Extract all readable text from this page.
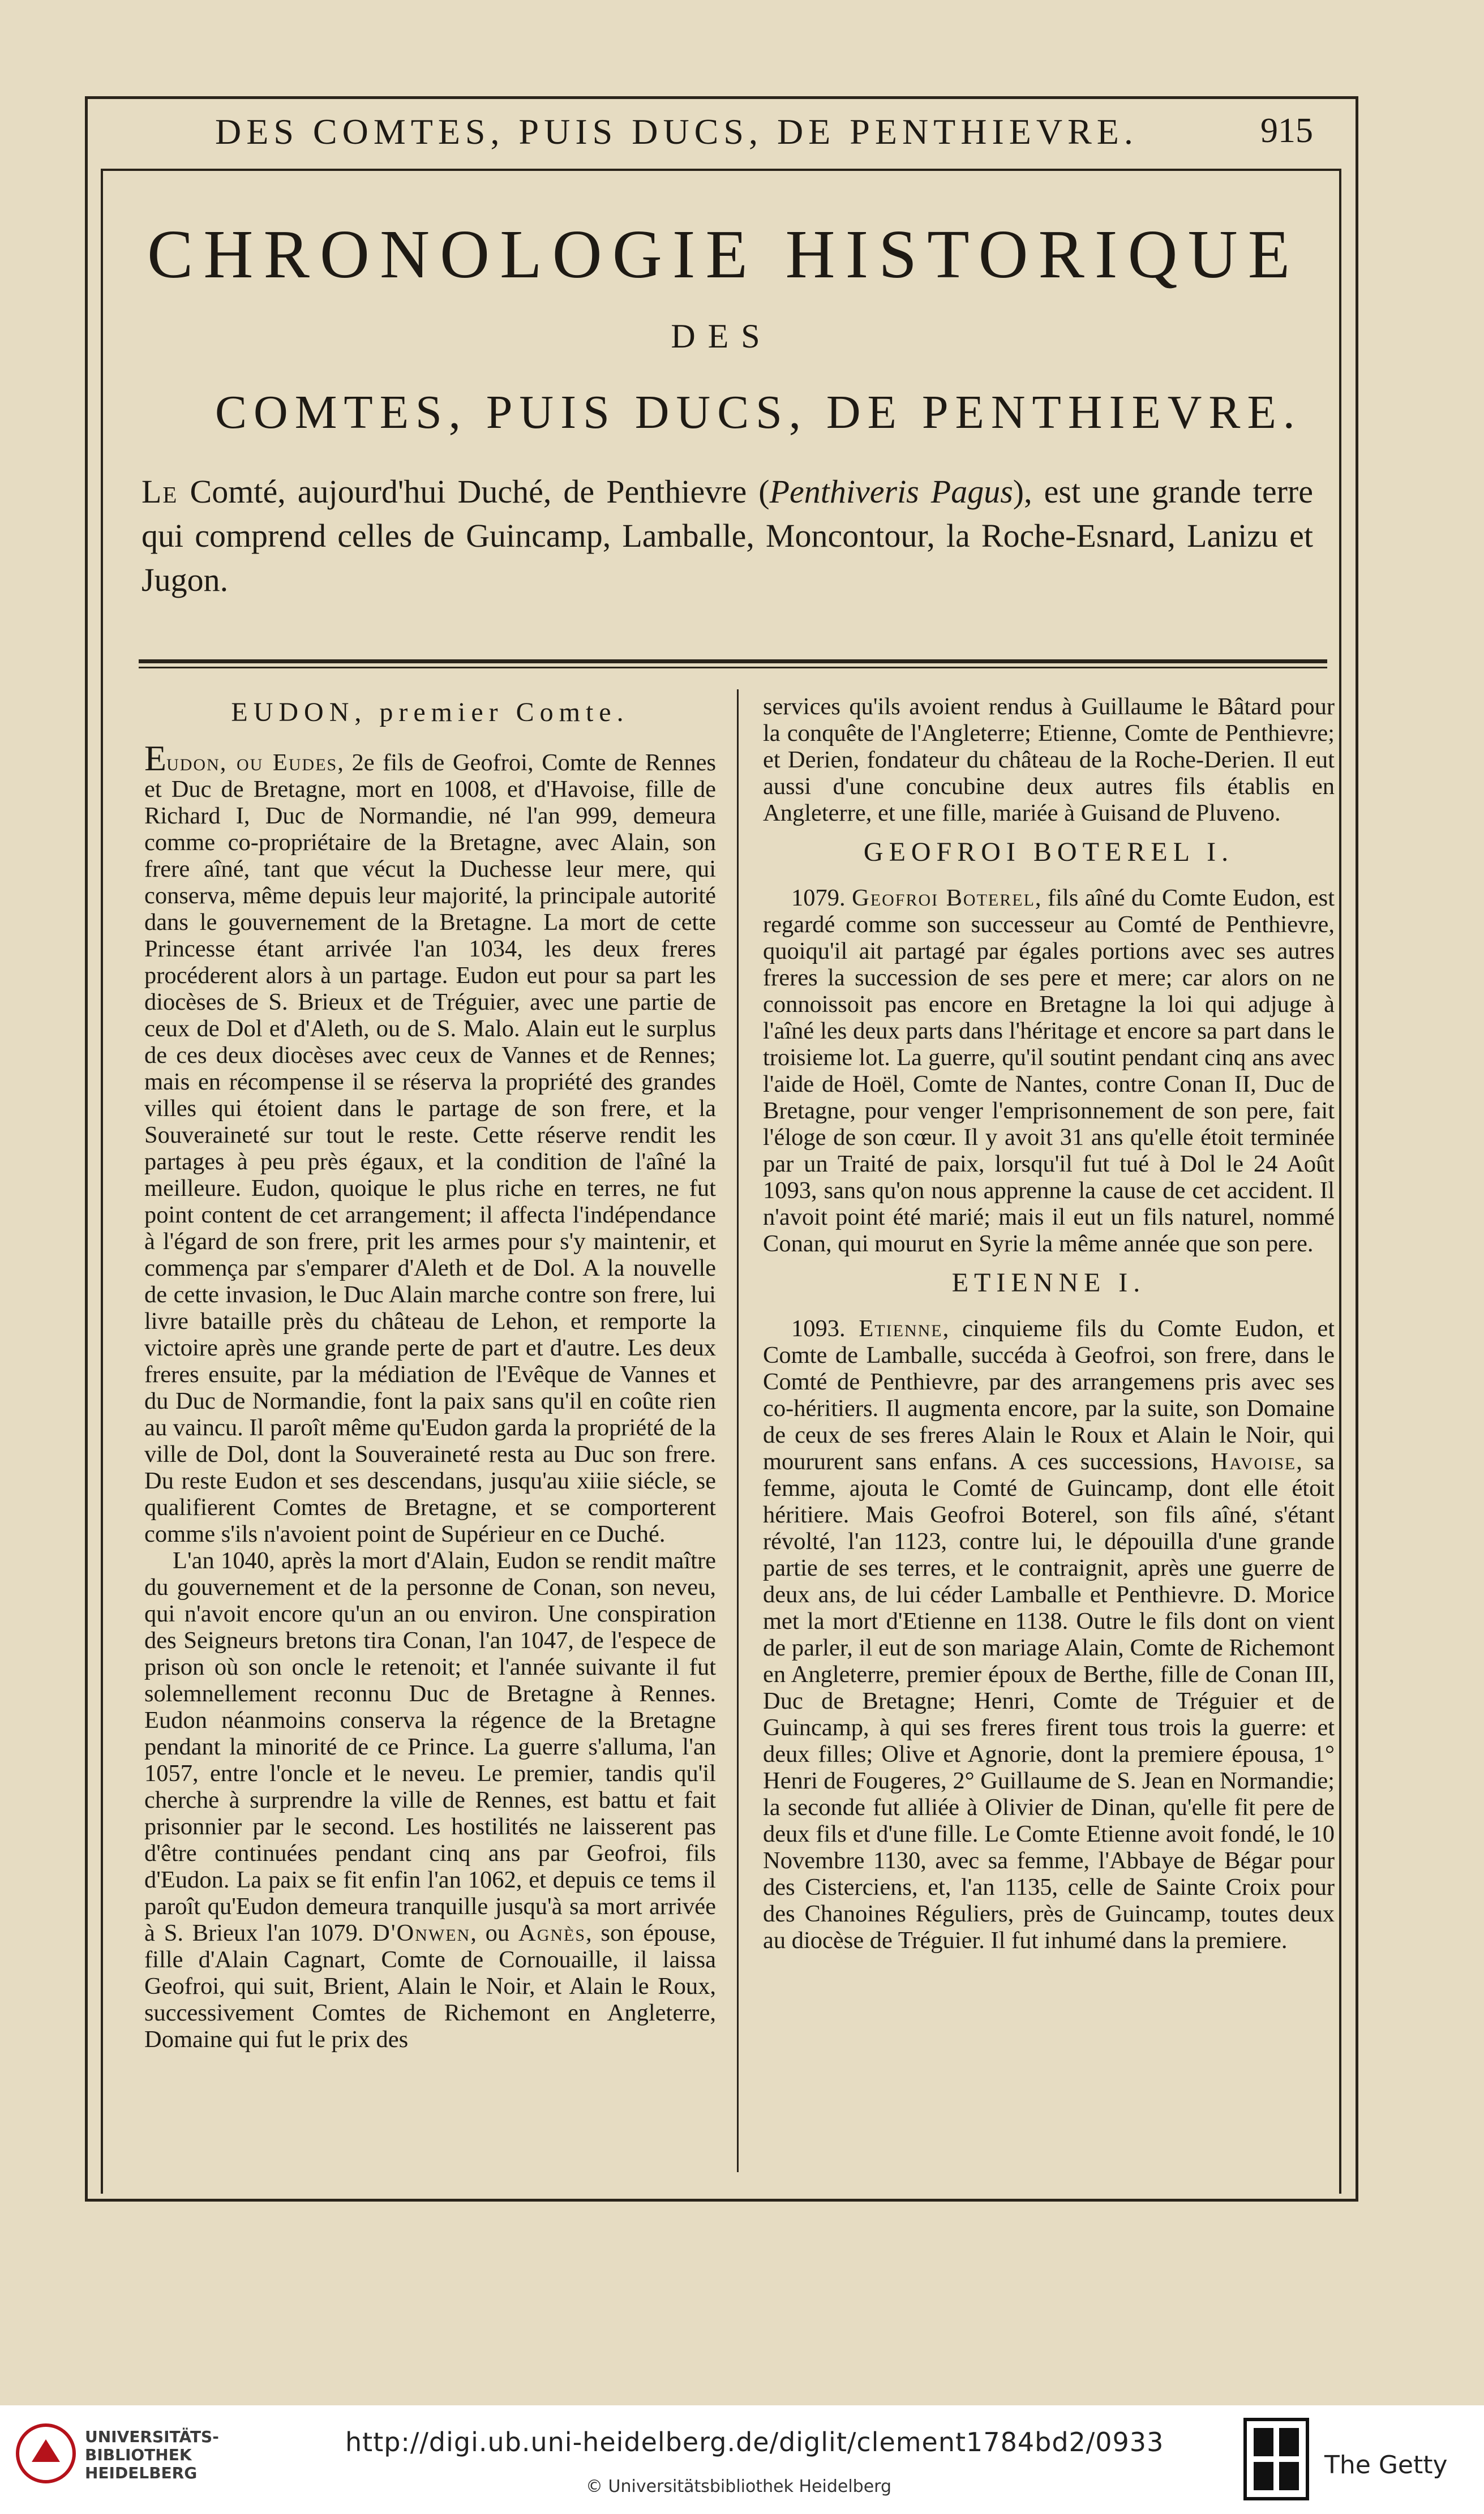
DES COMTES, PUIS DUCS, DE PENTHIEVRE.	915
CHRONOLOGIE HISTORIQUE
DES
COMTES, PUIS DUCS, DE PENTHIEVRE.
Le Comté, aujourd'hui Duché, de Penthievre (Penthiveris Pagus), est une grande terre qui comprend celles de Guincamp, Lamballe, Moncontour, la Roche-Esnard, Lanizu et Jugon.
EUDON, premier Comte.

Eudon, ou Eudes, 2e fils de Geofroi, Comte de Rennes et Duc de Bretagne, mort en 1008, et d'Havoise, fille de Richard I, Duc de Normandie, né l'an 999, demeura comme co-propriétaire de la Bretagne, avec Alain, son frere aîné, tant que vécut la Duchesse leur mere, qui conserva, même depuis leur majorité, la principale autorité dans le gouvernement de la Bretagne. La mort de cette Princesse étant arrivée l'an 1034, les deux freres procéderent alors à un partage. Eudon eut pour sa part les diocèses de S. Brieux et de Tréguier, avec une partie de ceux de Dol et d'Aleth, ou de S. Malo. Alain eut le surplus de ces deux diocèses avec ceux de Vannes et de Rennes; mais en récompense il se réserva la propriété des grandes villes qui étoient dans le partage de son frere, et la Souveraineté sur tout le reste. Cette réserve rendit les partages à peu près égaux, et la condition de l'aîné la meilleure. Eudon, quoique le plus riche en terres, ne fut point content de cet arrangement; il affecta l'indépendance à l'égard de son frere, prit les armes pour s'y maintenir, et commença par s'emparer d'Aleth et de Dol. A la nouvelle de cette invasion, le Duc Alain marche contre son frere, lui livre bataille près du château de Lehon, et remporte la victoire après une grande perte de part et d'autre. Les deux freres ensuite, par la médiation de l'Evêque de Vannes et du Duc de Normandie, font la paix sans qu'il en coûte rien au vaincu. Il paroît même qu'Eudon garda la propriété de la ville de Dol, dont la Souveraineté resta au Duc son frere. Du reste Eudon et ses descendans, jusqu'au xiiie siécle, se qualifierent Comtes de Bretagne, et se comporterent comme s'ils n'avoient point de Supérieur en ce Duché.

L'an 1040, après la mort d'Alain, Eudon se rendit maître du gouvernement et de la personne de Conan, son neveu, qui n'avoit encore qu'un an ou environ. Une conspiration des Seigneurs bretons tira Conan, l'an 1047, de l'espece de prison où son oncle le retenoit; et l'année suivante il fut solemnellement reconnu Duc de Bretagne à Rennes. Eudon néanmoins conserva la régence de la Bretagne pendant la minorité de ce Prince. La guerre s'alluma, l'an 1057, entre l'oncle et le neveu. Le premier, tandis qu'il cherche à surprendre la ville de Rennes, est battu et fait prisonnier par le second. Les hostilités ne laisserent pas d'être continuées pendant cinq ans par Geofroi, fils d'Eudon. La paix se fit enfin l'an 1062, et depuis ce tems il paroît qu'Eudon demeura tranquille jusqu'à sa mort arrivée à S. Brieux l'an 1079. D'Onwen, ou Agnès, son épouse, fille d'Alain Cagnart, Comte de Cornouaille, il laissa Geofroi, qui suit, Brient, Alain le Noir, et Alain le Roux, successivement Comtes de Richemont en Angleterre, Domaine qui fut le prix des

services qu'ils avoient rendus à Guillaume le Bâtard pour la conquête de l'Angleterre; Etienne, Comte de Penthievre; et Derien, fondateur du château de la Roche-Derien. Il eut aussi d'une concubine deux autres fils établis en Angleterre, et une fille, mariée à Guisand de Pluveno.

GEOFROI BOTEREL I.

1079. Geofroi Boterel, fils aîné du Comte Eudon, est regardé comme son successeur au Comté de Penthievre, quoiqu'il ait partagé par égales portions avec ses autres freres la succession de ses pere et mere; car alors on ne connoissoit pas encore en Bretagne la loi qui adjuge à l'aîné les deux parts dans l'héritage et encore sa part dans le troisieme lot. La guerre, qu'il soutint pendant cinq ans avec l'aide de Hoël, Comte de Nantes, contre Conan II, Duc de Bretagne, pour venger l'emprisonnement de son pere, fait l'éloge de son cœur. Il y avoit 31 ans qu'elle étoit terminée par un Traité de paix, lorsqu'il fut tué à Dol le 24 Août 1093, sans qu'on nous apprenne la cause de cet accident. Il n'avoit point été marié; mais il eut un fils naturel, nommé Conan, qui mourut en Syrie la même année que son pere.

ETIENNE I.

1093. Etienne, cinquieme fils du Comte Eudon, et Comte de Lamballe, succéda à Geofroi, son frere, dans le Comté de Penthievre, par des arrangemens pris avec ses co-héritiers. Il augmenta encore, par la suite, son Domaine de ceux de ses freres Alain le Roux et Alain le Noir, qui moururent sans enfans. A ces successions, Havoise, sa femme, ajouta le Comté de Guincamp, dont elle étoit héritiere. Mais Geofroi Boterel, son fils aîné, s'étant révolté, l'an 1123, contre lui, le dépouilla d'une grande partie de ses terres, et le contraignit, après une guerre de deux ans, de lui céder Lamballe et Penthievre. D. Morice met la mort d'Etienne en 1138. Outre le fils dont on vient de parler, il eut de son mariage Alain, Comte de Richemont en Angleterre, premier époux de Berthe, fille de Conan III, Duc de Bretagne; Henri, Comte de Tréguier et de Guincamp, à qui ses freres firent tous trois la guerre: et deux filles; Olive et Agnorie, dont la premiere épousa, 1° Henri de Fougeres, 2° Guillaume de S. Jean en Normandie; la seconde fut alliée à Olivier de Dinan, qu'elle fit pere de deux fils et d'une fille. Le Comte Etienne avoit fondé, le 10 Novembre 1130, avec sa femme, l'Abbaye de Bégar pour des Cisterciens, et, l'an 1135, celle de Sainte Croix pour des Chanoines Réguliers, près de Guincamp, toutes deux au diocèse de Tréguier. Il fut inhumé dans la premiere.

UNIVERSITÄTS-
BIBLIOTHEK
HEIDELBERG
http://digi.ub.uni-heidelberg.de/diglit/clement1784bd2/0933
© Universitätsbibliothek Heidelberg
The Getty
